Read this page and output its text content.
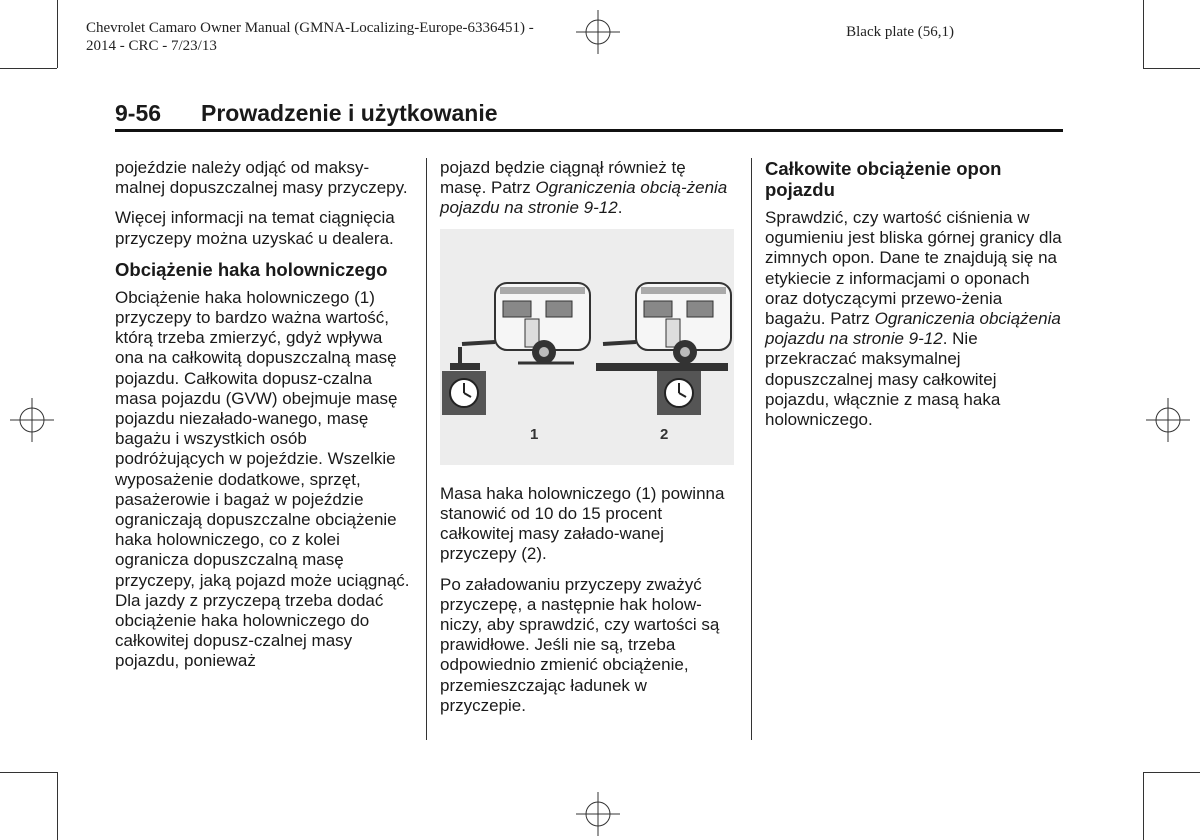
Chevrolet Camaro Owner Manual (GMNA-Localizing-Europe-6336451) -
2014 - CRC - 7/23/13
Black plate (56,1)
9-56 Prowadzenie i użytkowanie

pojeździe należy odjąć od maksy-malnej dopuszczalnej masy przyczepy.

Więcej informacji na temat ciągnięcia przyczepy można uzyskać u dealera.

Obciążenie haka holowniczego

Obciążenie haka holowniczego (1) przyczepy to bardzo ważna wartość, którą trzeba zmierzyć, gdyż wpływa ona na całkowitą dopuszczalną masę pojazdu. Całkowita dopusz-czalna masa pojazdu (GVW) obejmuje masę pojazdu niezałado-wanego, masę bagażu i wszystkich osób podróżujących w pojeździe. Wszelkie wyposażenie dodatkowe, sprzęt, pasażerowie i bagaż w pojeździe ograniczają dopuszczalne obciążenie haka holowniczego, co z kolei ogranicza dopuszczalną masę przyczepy, jaką pojazd może uciągnąć. Dla jazdy z przyczepą trzeba dodać obciążenie haka holowniczego do całkowitej dopusz-czalnej masy pojazdu, ponieważ

pojazd będzie ciągnął również tę masę. Patrz Ograniczenia obcią-żenia pojazdu na stronie 9-12.

1	2

Masa haka holowniczego (1) powinna stanowić od 10 do 15 procent całkowitej masy załado-wanej przyczepy (2).

Po załadowaniu przyczepy zważyć przyczepę, a następnie hak holow-niczy, aby sprawdzić, czy wartości są prawidłowe. Jeśli nie są, trzeba odpowiednio zmienić obciążenie, przemieszczając ładunek w przyczepie.

Całkowite obciążenie opon pojazdu

Sprawdzić, czy wartość ciśnienia w ogumieniu jest bliska górnej granicy dla zimnych opon. Dane te znajdują się na etykiecie z informacjami o oponach oraz dotyczącymi przewo-żenia bagażu. Patrz Ograniczenia obciążenia pojazdu na stronie 9-12. Nie przekraczać maksymalnej dopuszczalnej masy całkowitej pojazdu, włącznie z masą haka holowniczego.
